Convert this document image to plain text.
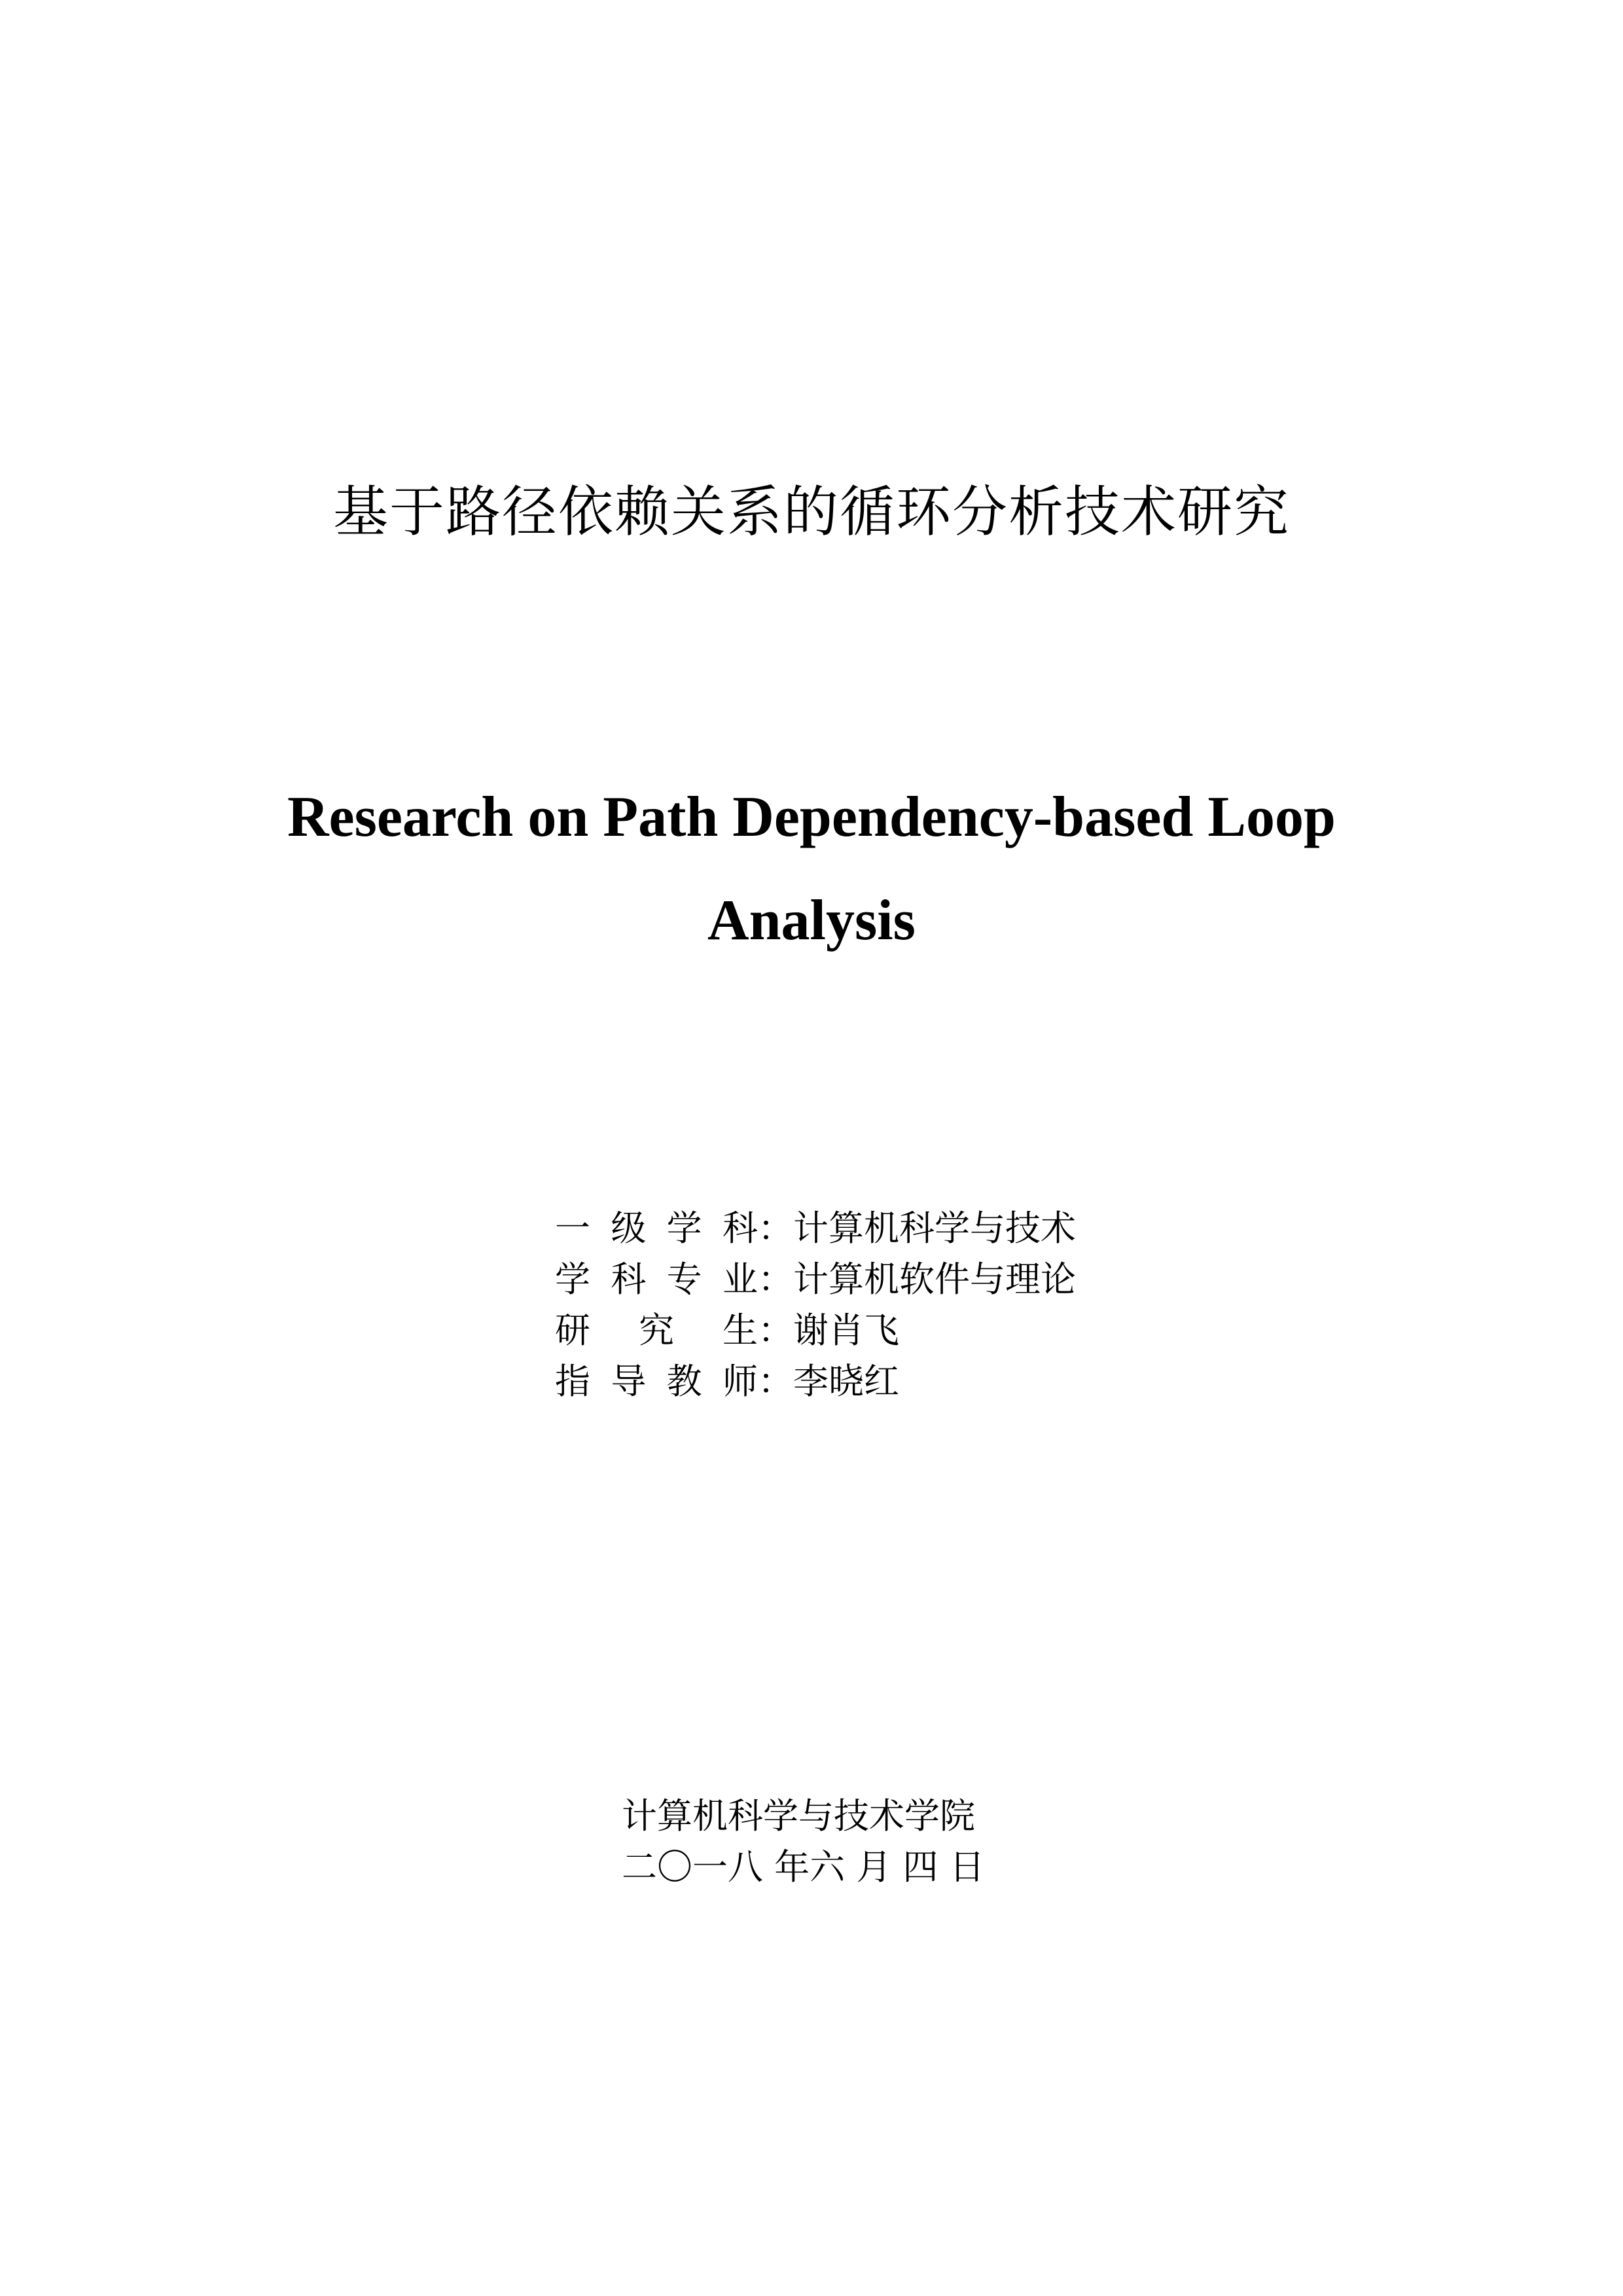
基于路径依赖关系的循环分析技术研究
Research on Path Dependency-based Loop
Analysis
一级学科：计算机科学与技术
学科专业：计算机软件与理论
研究生：谢肖飞
指导教师：李晓红
计算机科学与技术学院
二〇一八 年六 月 四 日
